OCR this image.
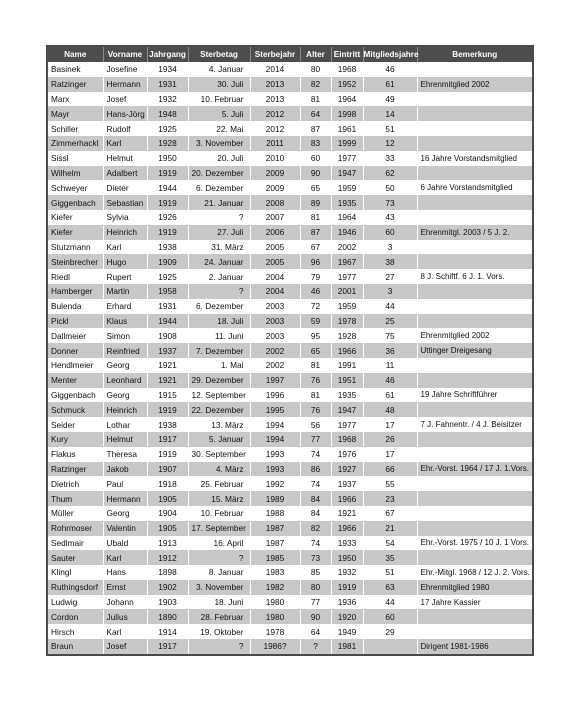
Name	Vorname	Jahrgang	Sterbetag	Sterbejahr	Alter	Eintritt	Mitgliedsjahre	Bemerkung
Basinek	Josefine	1934	4. Januar	2014	80	1968	46	
Ratzinger	Hermann	1931	30. Juli	2013	82	1952	61	Ehrenmitglied 2002
Marx	Josef	1932	10. Februar	2013	81	1964	49	
Mayr	Hans-Jörg	1948	5. Juli	2012	64	1998	14	
Schiller	Rudolf	1925	22. Mai	2012	87	1961	51	
Zimmerhackl	Karl	1928	3. November	2011	83	1999	12	
Sissl	Helmut	1950	20. Juli	2010	60	1977	33	16 Jahre Vorstandsmitglied
Wilhelm	Adalbert	1919	20. Dezember	2009	90	1947	62	
Schweyer	Dieter	1944	6. Dezember	2009	65	1959	50	6 Jahre Vorstandsmitglied
Giggenbach	Sebastian	1919	21. Januar	2008	89	1935	73	
Kiefer	Sylvia	1926	?	2007	81	1964	43	
Kiefer	Heinrich	1919	27. Juli	2006	87	1946	60	Ehrenmitgl. 2003 / 5 J. 2.
Stutzmann	Karl	1938	31. März	2005	67	2002	3	
Steinbrecher	Hugo	1909	24. Januar	2005	96	1967	38	
Riedl	Rupert	1925	2. Januar	2004	79	1977	27	8 J. Schiftf. 6 J. 1. Vors.
Hamberger	Martin	1958	?	2004	46	2001	3	
Bulenda	Erhard	1931	6. Dezember	2003	72	1959	44	
Pickl	Klaus	1944	18. Juli	2003	59	1978	25	
Dallmeier	Simon	1908	11. Juni	2003	95	1928	75	Ehrenmitglied 2002
Donner	Reinfried	1937	7. Dezember	2002	65	1966	36	Uttinger Dreigesang
Hendlmeier	Georg	1921	1. Mai	2002	81	1991	11	
Menter	Leonhard	1921	29. Dezember	1997	76	1951	46	
Giggenbach	Georg	1915	12. September	1996	81	1935	61	19 Jahre Schriftführer
Schmuck	Heinrich	1919	22. Dezember	1995	76	1947	48	
Seider	Lothar	1938	13. März	1994	56	1977	17	7 J. Fahnentr. / 4 J. Beisitzer
Kury	Helmut	1917	5. Januar	1994	77	1968	26	
Flakus	Theresa	1919	30. September	1993	74	1976	17	
Ratzinger	Jakob	1907	4. März	1993	86	1927	66	Ehr.-Vorst. 1964 / 17 J. 1.Vors.
Dietrich	Paul	1918	25. Februar	1992	74	1937	55	
Thum	Hermann	1905	15. März	1989	84	1966	23	
Müller	Georg	1904	10. Februar	1988	84	1921	67	
Rohrmoser	Valentin	1905	17. September	1987	82	1966	21	
Sedlmair	Ubald	1913	16. April	1987	74	1933	54	Ehr.-Vorst. 1975 / 10 J. 1 Vors.
Sauter	Karl	1912	?	1985	73	1950	35	
Klingl	Hans	1898	8. Januar	1983	85	1932	51	Ehr.-Mitgl. 1968 / 12 J. 2. Vors.
Ruthingsdorf	Ernst	1902	3. November	1982	80	1919	63	Ehrenmitglied 1980
Ludwig	Johann	1903	18. Juni	1980	77	1936	44	17 Jahre Kassier
Cordon	Julius	1890	28. Februar	1980	90	1920	60	
Hirsch	Karl	1914	19. Oktober	1978	64	1949	29	
Braun	Josef	1917	?	1986?	?	1981		Dirigent 1981-1986
